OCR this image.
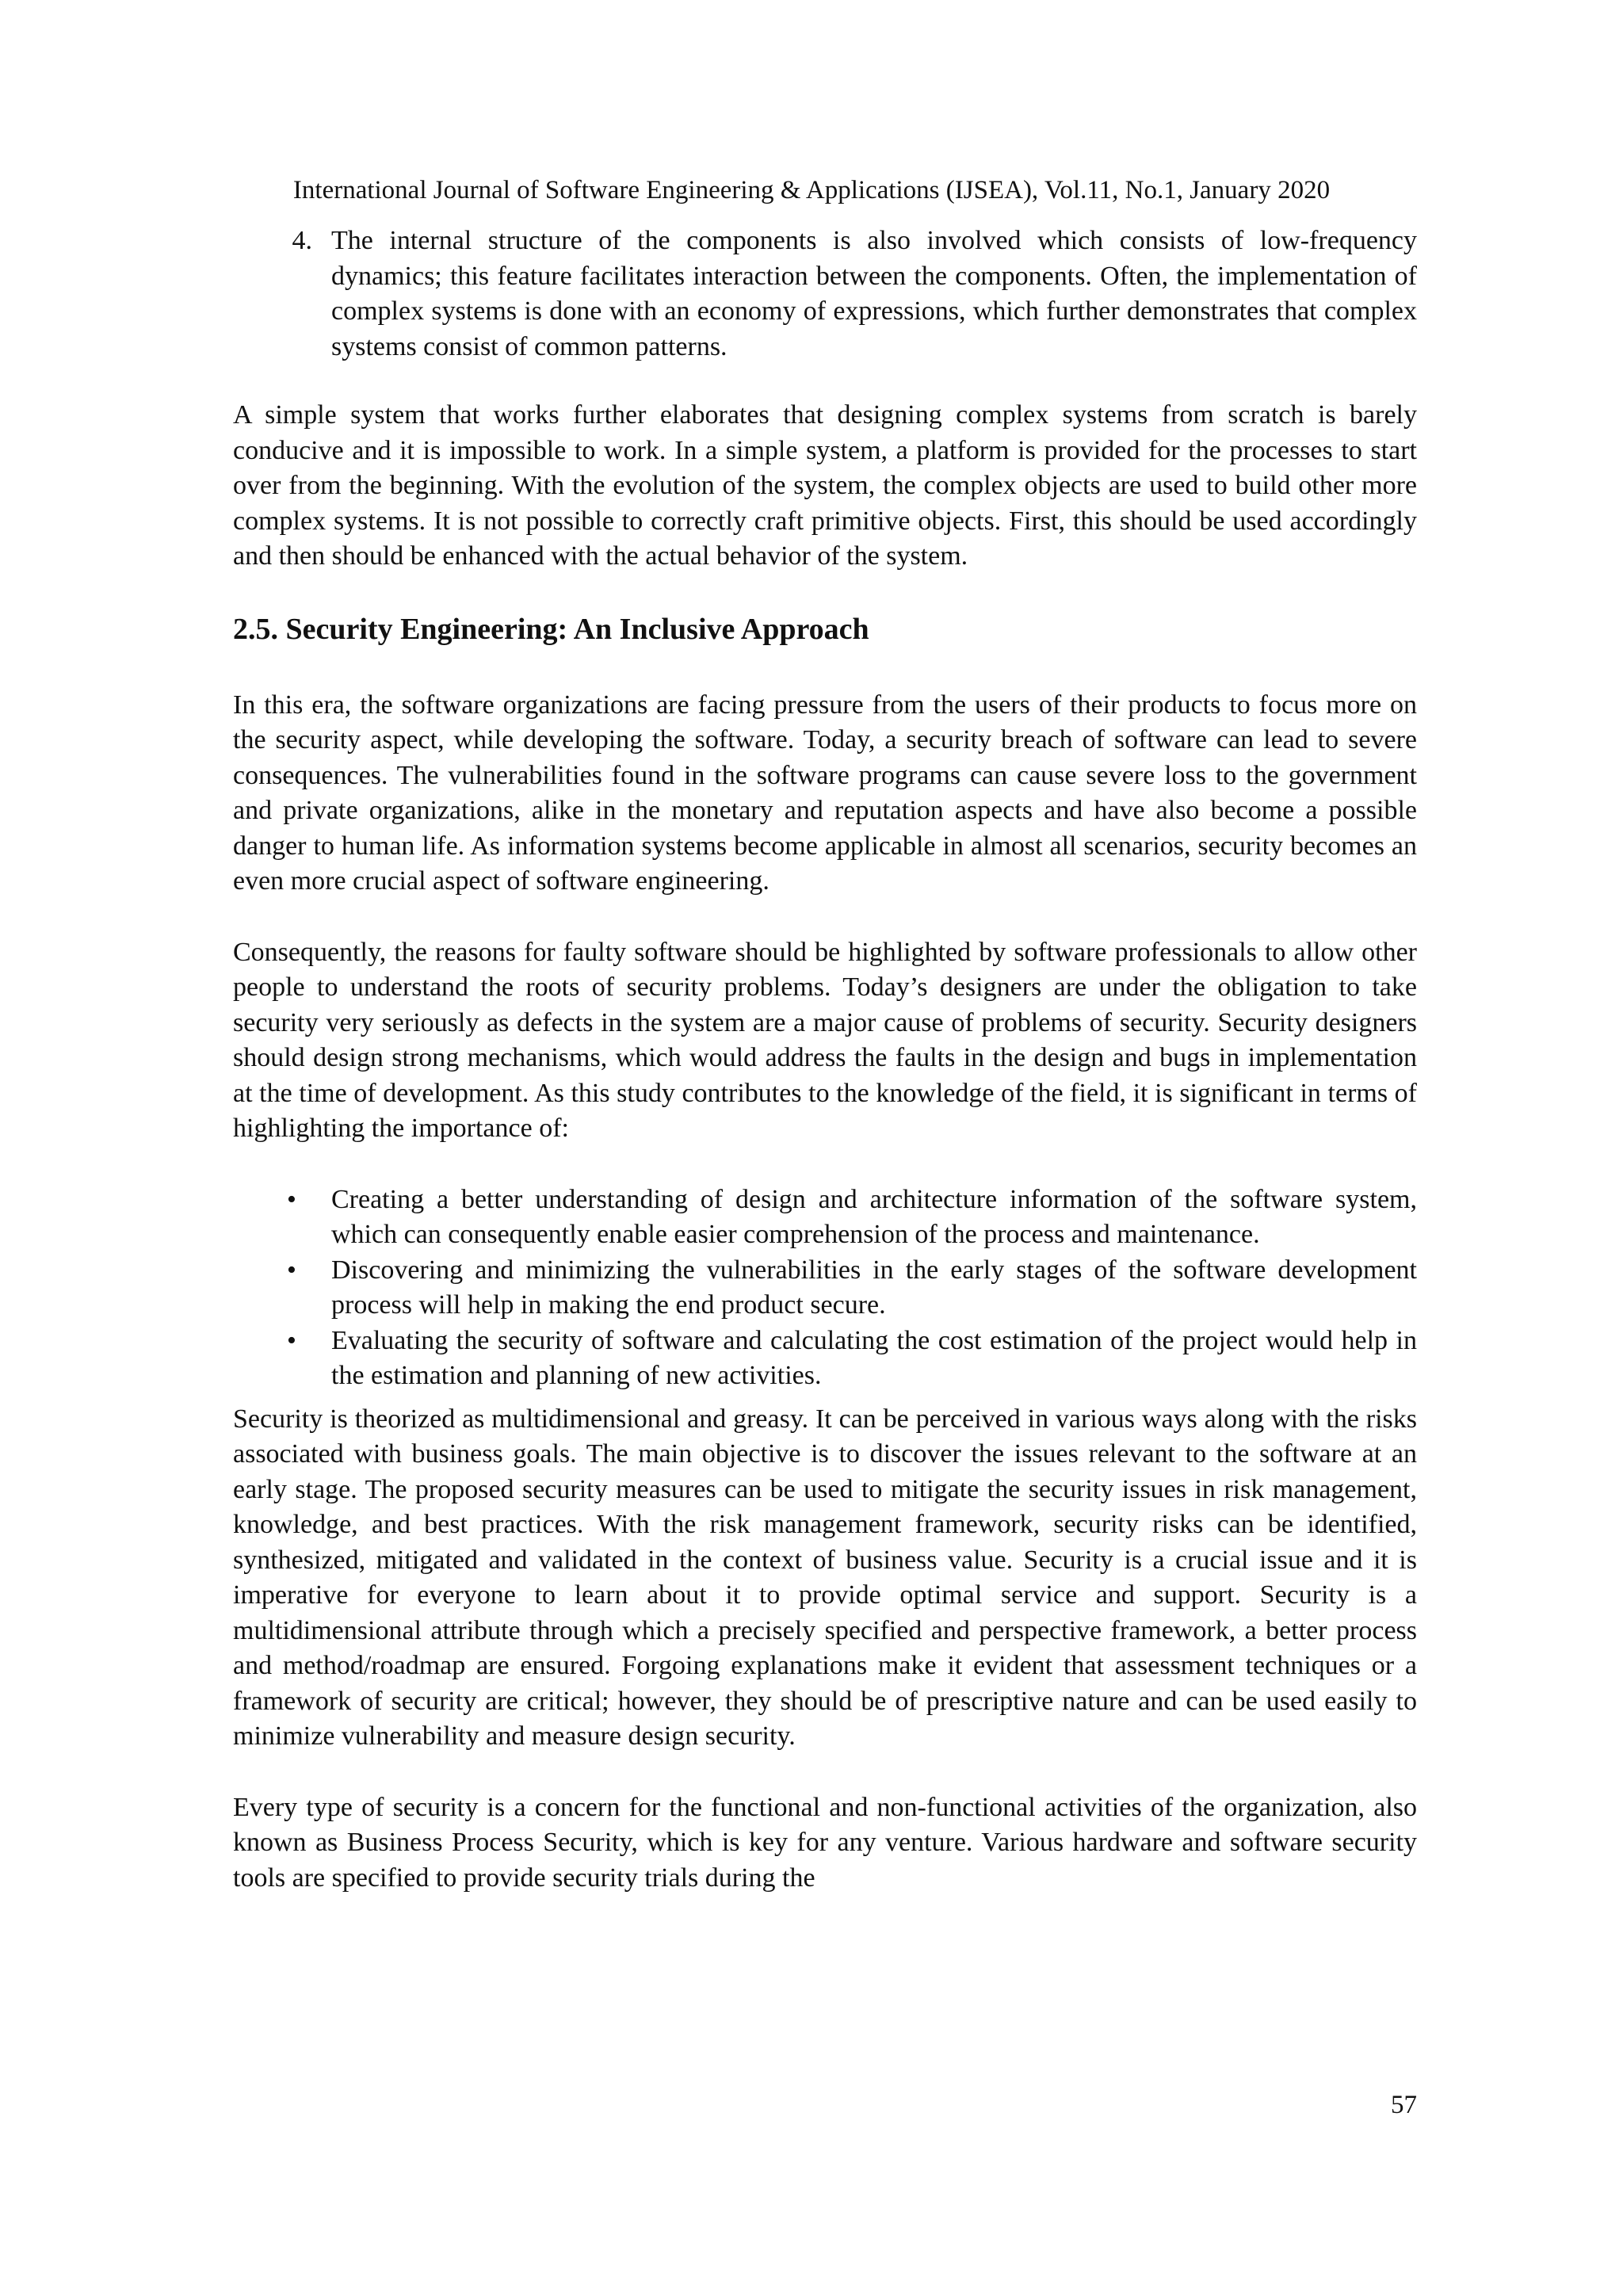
International Journal of Software Engineering & Applications (IJSEA), Vol.11, No.1, January 2020
4. The internal structure of the components is also involved which consists of low-frequency dynamics; this feature facilitates interaction between the components. Often, the implementation of complex systems is done with an economy of expressions, which further demonstrates that complex systems consist of common patterns.

A simple system that works further elaborates that designing complex systems from scratch is barely conducive and it is impossible to work. In a simple system, a platform is provided for the processes to start over from the beginning. With the evolution of the system, the complex objects are used to build other more complex systems. It is not possible to correctly craft primitive objects. First, this should be used accordingly and then should be enhanced with the actual behavior of the system.

2.5. Security Engineering: An Inclusive Approach

In this era, the software organizations are facing pressure from the users of their products to focus more on the security aspect, while developing the software. Today, a security breach of software can lead to severe consequences. The vulnerabilities found in the software programs can cause severe loss to the government and private organizations, alike in the monetary and reputation aspects and have also become a possible danger to human life. As information systems become applicable in almost all scenarios, security becomes an even more crucial aspect of software engineering.

Consequently, the reasons for faulty software should be highlighted by software professionals to allow other people to understand the roots of security problems. Today’s designers are under the obligation to take security very seriously as defects in the system are a major cause of problems of security. Security designers should design strong mechanisms, which would address the faults in the design and bugs in implementation at the time of development. As this study contributes to the knowledge of the field, it is significant in terms of highlighting the importance of:

•	Creating a better understanding of design and architecture information of the software system, which can consequently enable easier comprehension of the process and maintenance.
•	Discovering and minimizing the vulnerabilities in the early stages of the software development process will help in making the end product secure.
•	Evaluating the security of software and calculating the cost estimation of the project would help in the estimation and planning of new activities.

Security is theorized as multidimensional and greasy. It can be perceived in various ways along with the risks associated with business goals. The main objective is to discover the issues relevant to the software at an early stage. The proposed security measures can be used to mitigate the security issues in risk management, knowledge, and best practices. With the risk management framework, security risks can be identified, synthesized, mitigated and validated in the context of business value. Security is a crucial issue and it is imperative for everyone to learn about it to provide optimal service and support. Security is a multidimensional attribute through which a precisely specified and perspective framework, a better process and method/roadmap are ensured. Forgoing explanations make it evident that assessment techniques or a framework of security are critical; however, they should be of prescriptive nature and can be used easily to minimize vulnerability and measure design security.

Every type of security is a concern for the functional and non-functional activities of the organization, also known as Business Process Security, which is key for any venture. Various hardware and software security tools are specified to provide security trials during the

57
